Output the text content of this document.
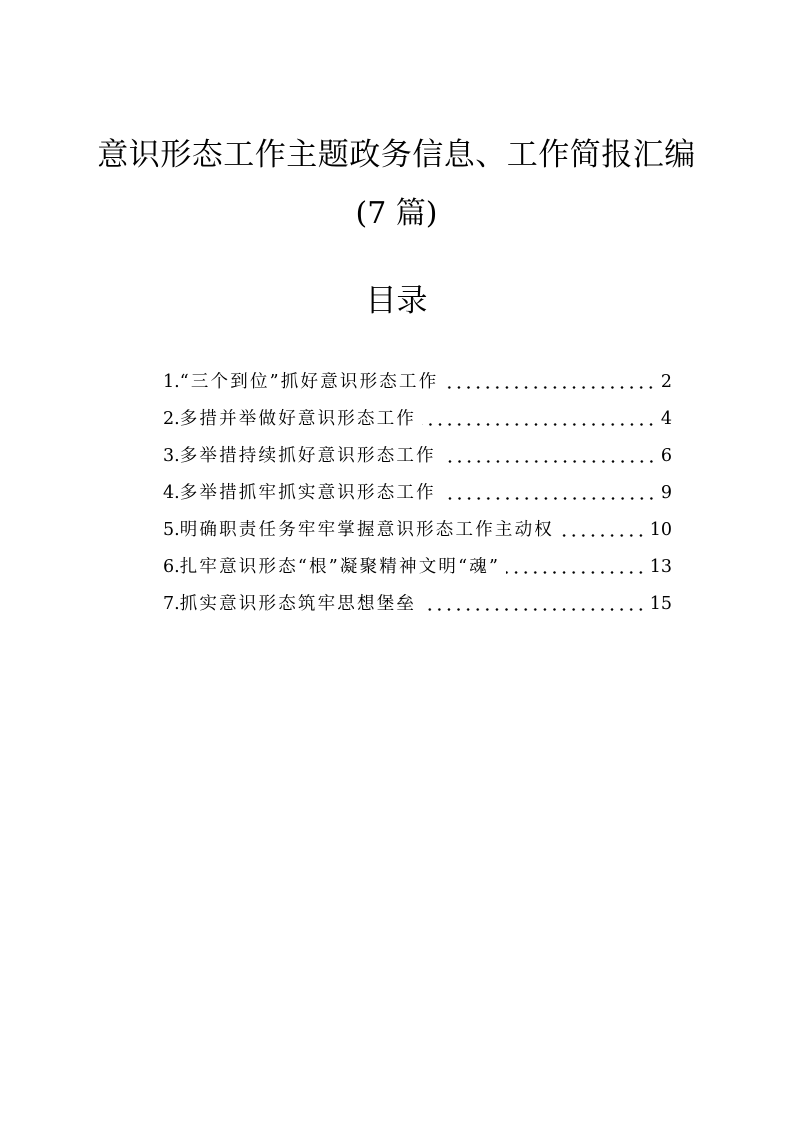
意识形态工作主题政务信息、工作简报汇编
(7 篇)
目录
1. “三个到位”抓好意识形态工作	2
2. 多措并举做好意识形态工作	4
3. 多举措持续抓好意识形态工作	6
4. 多举措抓牢抓实意识形态工作	9
5. 明确职责任务牢牢掌握意识形态工作主动权	10
6. 扎牢意识形态“根”凝聚精神文明“魂”	13
7. 抓实意识形态筑牢思想堡垒	15
